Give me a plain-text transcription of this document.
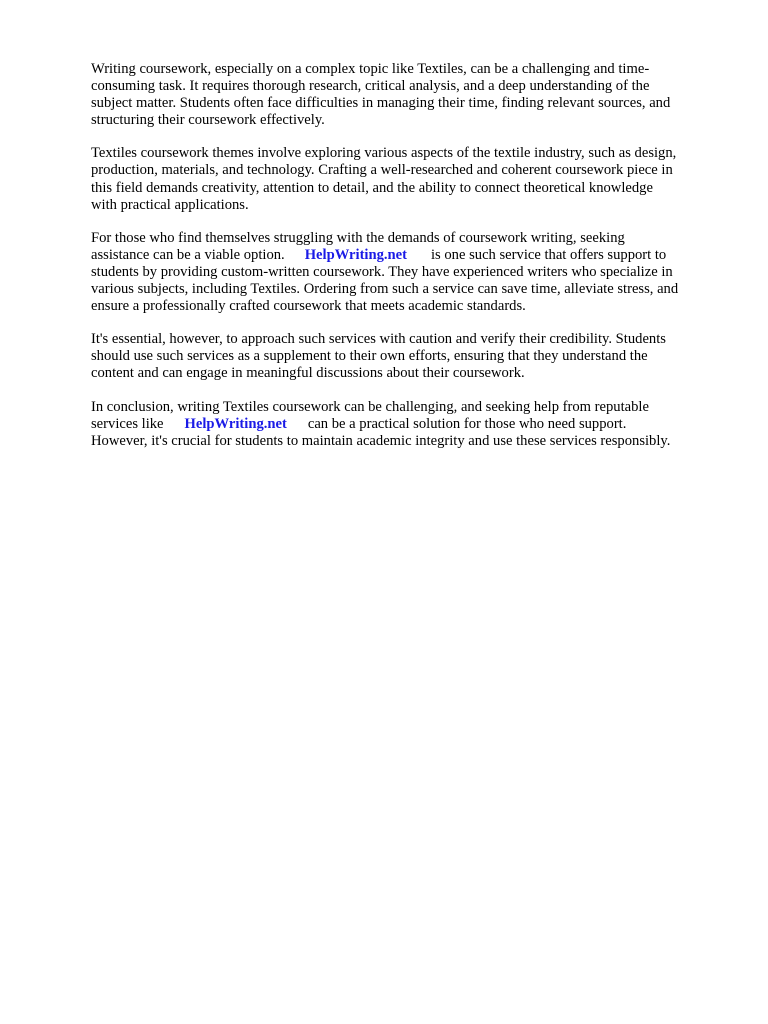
Writing coursework, especially on a complex topic like Textiles, can be a challenging and time-
consuming task. It requires thorough research, critical analysis, and a deep understanding of the
subject matter. Students often face difficulties in managing their time, finding relevant sources, and
structuring their coursework effectively.

Textiles coursework themes involve exploring various aspects of the textile industry, such as design,
production, materials, and technology. Crafting a well-researched and coherent coursework piece in
this field demands creativity, attention to detail, and the ability to connect theoretical knowledge
with practical applications.

For those who find themselves struggling with the demands of coursework writing, seeking
assistance can be a viable option. HelpWriting.net is one such service that offers support to
students by providing custom-written coursework. They have experienced writers who specialize in
various subjects, including Textiles. Ordering from such a service can save time, alleviate stress, and
ensure a professionally crafted coursework that meets academic standards.

It's essential, however, to approach such services with caution and verify their credibility. Students
should use such services as a supplement to their own efforts, ensuring that they understand the
content and can engage in meaningful discussions about their coursework.

In conclusion, writing Textiles coursework can be challenging, and seeking help from reputable
services like HelpWriting.net can be a practical solution for those who need support.
However, it's crucial for students to maintain academic integrity and use these services responsibly.
